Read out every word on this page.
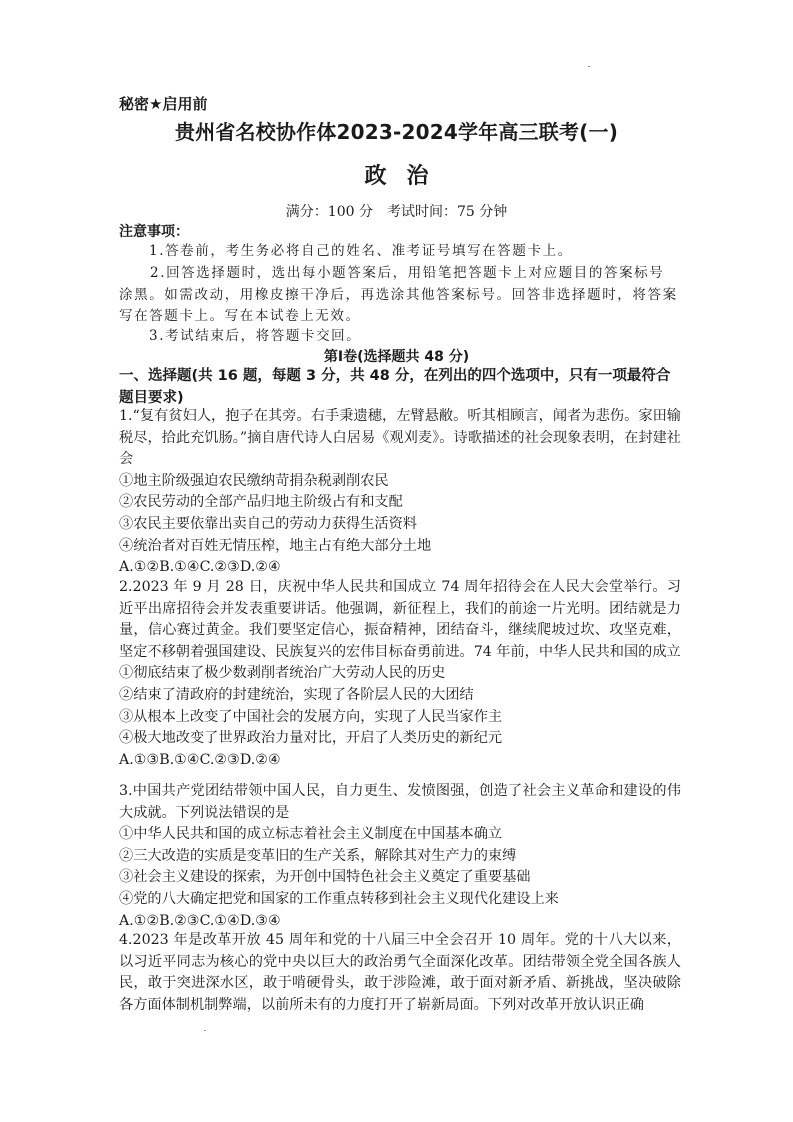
秘密★启用前
贵州省名校协作体2023-2024学年高三联考(一)
政治
满分：100 分　考试时间：75 分钟
注意事项：
1.答卷前，考生务必将自己的姓名、准考证号填写在答题卡上。
2.回答选择题时，选出每小题答案后，用铅笔把答题卡上对应题目的答案标号涂黑。如需改动，用橡皮擦干净后，再选涂其他答案标号。回答非选择题时，将答案写在答题卡上。写在本试卷上无效。
3.考试结束后，将答题卡交回。
第Ⅰ卷(选择题共 48 分)
一、选择题(共 16 题，每题 3 分，共 48 分，在列出的四个选项中，只有一项最符合题目要求)

1.“复有贫妇人，抱子在其旁。右手秉遗穗，左臂悬敝。听其相顾言，闻者为悲伤。家田输税尽，拾此充饥肠。”摘自唐代诗人白居易《观刈麦》。诗歌描述的社会现象表明，在封建社会

①地主阶级强迫农民缴纳苛捐杂税剥削农民

②农民劳动的全部产品归地主阶级占有和支配

③农民主要依靠出卖自己的劳动力获得生活资料

④统治者对百姓无情压榨，地主占有绝大部分土地

A.①②B.①④C.②③D.②④

2.2023 年 9 月 28 日，庆祝中华人民共和国成立 74 周年招待会在人民大会堂举行。习近平出席招待会并发表重要讲话。他强调，新征程上，我们的前途一片光明。团结就是力量，信心赛过黄金。我们要坚定信心，振奋精神，团结奋斗，继续爬坡过坎、攻坚克难，坚定不移朝着强国建设、民族复兴的宏伟目标奋勇前进。74 年前，中华人民共和国的成立

①彻底结束了极少数剥削者统治广大劳动人民的历史

②结束了清政府的封建统治，实现了各阶层人民的大团结

③从根本上改变了中国社会的发展方向，实现了人民当家作主

④极大地改变了世界政治力量对比，开启了人类历史的新纪元

A.①③B.①④C.②③D.②④

3.中国共产党团结带领中国人民，自力更生、发愤图强，创造了社会主义革命和建设的伟大成就。下列说法错误的是

①中华人民共和国的成立标志着社会主义制度在中国基本确立

②三大改造的实质是变革旧的生产关系，解除其对生产力的束缚

③社会主义建设的探索，为开创中国特色社会主义奠定了重要基础

④党的八大确定把党和国家的工作重点转移到社会主义现代化建设上来

A.①②B.②③C.①④D.③④

4.2023 年是改革开放 45 周年和党的十八届三中全会召开 10 周年。党的十八大以来，以习近平同志为核心的党中央以巨大的政治勇气全面深化改革。团结带领全党全国各族人民，敢于突进深水区，敢于啃硬骨头，敢于涉险滩，敢于面对新矛盾、新挑战，坚决破除各方面体制机制弊端，以前所未有的力度打开了崭新局面。下列对改革开放认识正确
